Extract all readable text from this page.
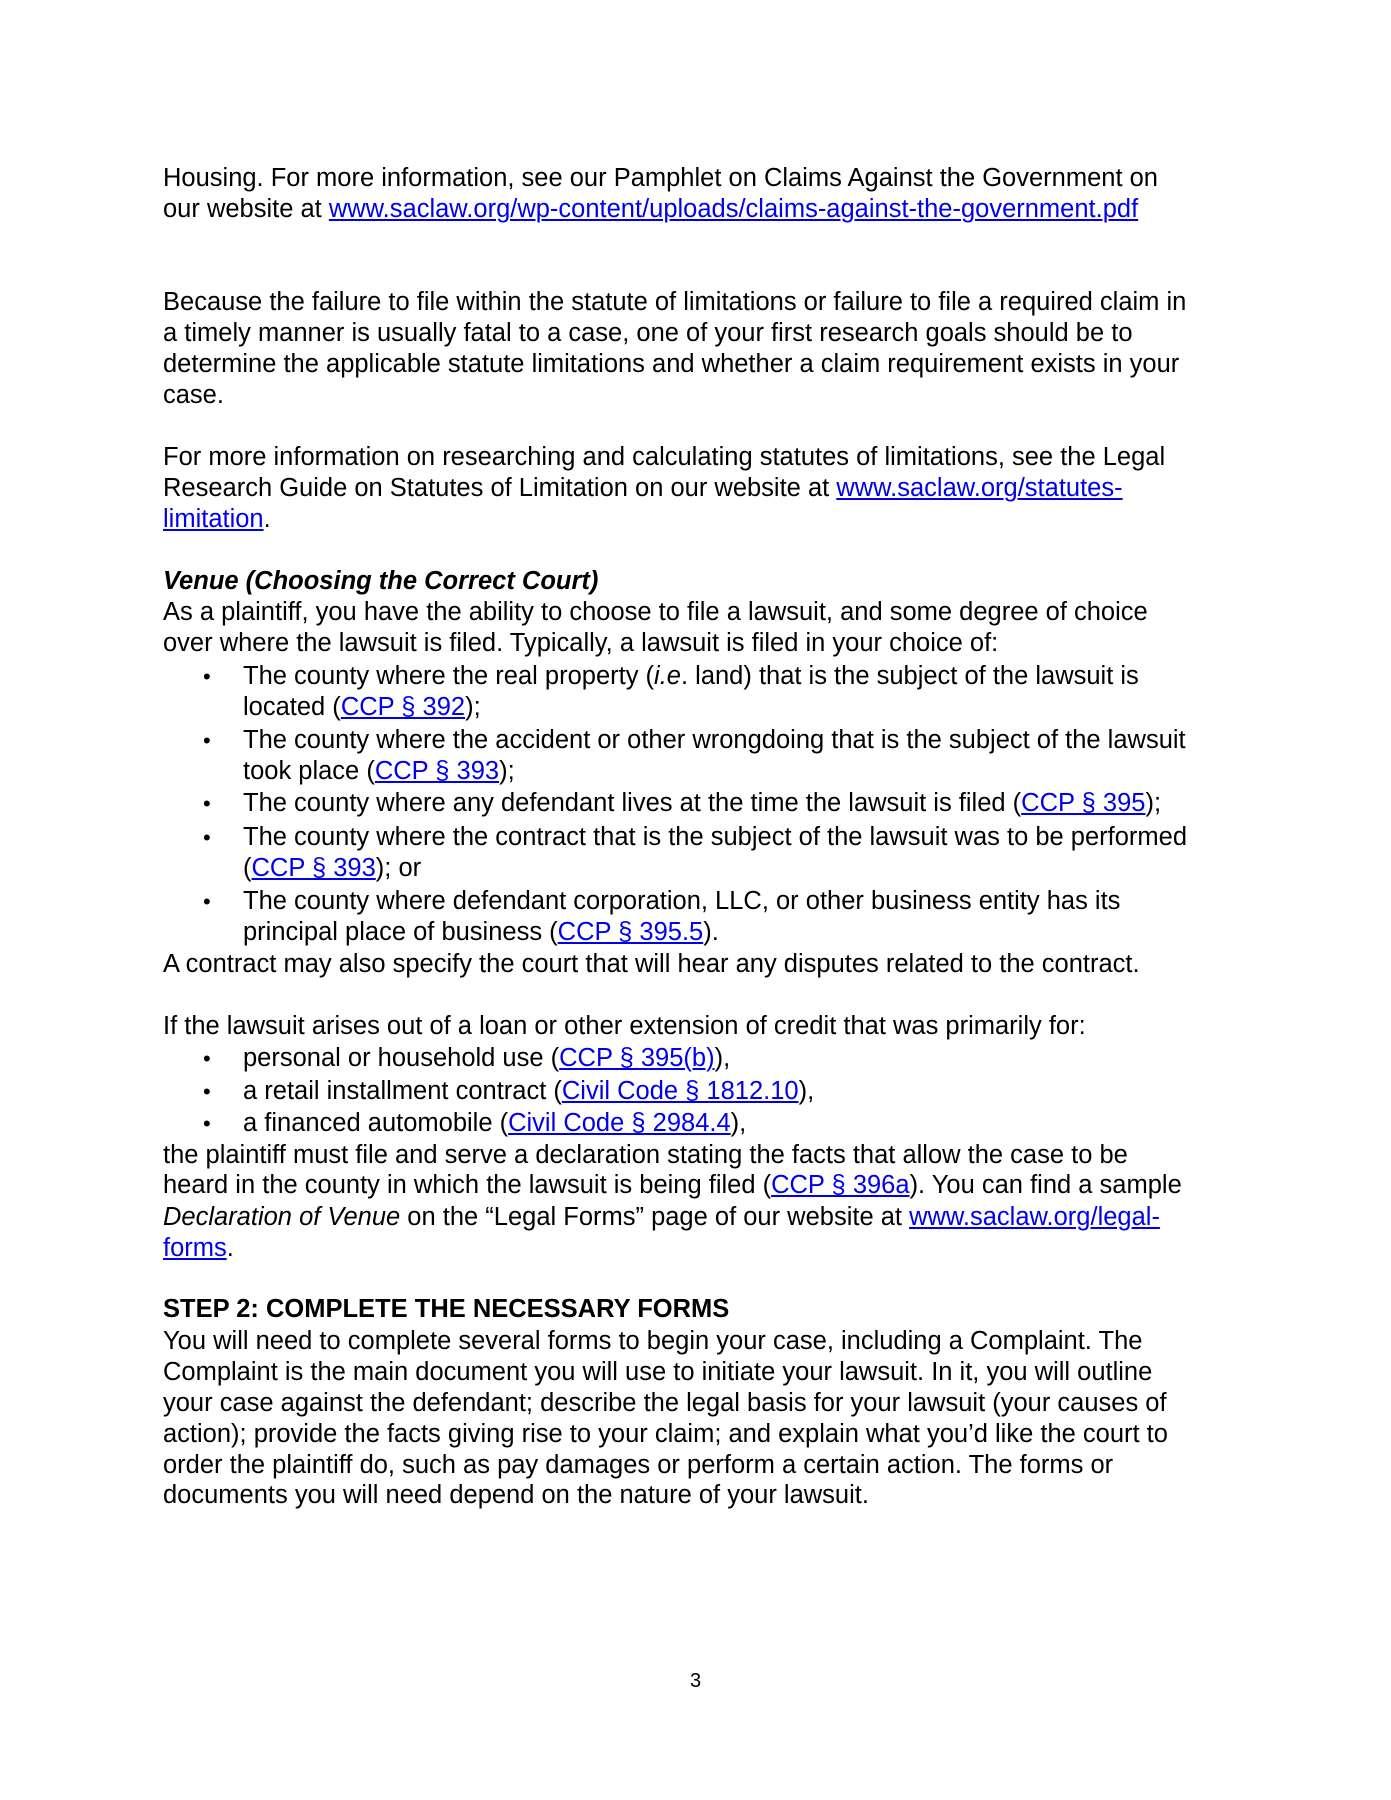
Housing. For more information, see our Pamphlet on Claims Against the Government on
our website at www.saclaw.org/wp-content/uploads/claims-against-the-government.pdf
Because the failure to file within the statute of limitations or failure to file a required claim in
a timely manner is usually fatal to a case, one of your first research goals should be to
determine the applicable statute limitations and whether a claim requirement exists in your
case.
For more information on researching and calculating statutes of limitations, see the Legal
Research Guide on Statutes of Limitation on our website at www.saclaw.org/statutes-
limitation.
Venue (Choosing the Correct Court)
As a plaintiff, you have the ability to choose to file a lawsuit, and some degree of choice
over where the lawsuit is filed. Typically, a lawsuit is filed in your choice of:
• The county where the real property (i.e. land) that is the subject of the lawsuit is
located (CCP § 392);
• The county where the accident or other wrongdoing that is the subject of the lawsuit
took place (CCP § 393);
• The county where any defendant lives at the time the lawsuit is filed (CCP § 395);
• The county where the contract that is the subject of the lawsuit was to be performed
(CCP § 393); or
• The county where defendant corporation, LLC, or other business entity has its
principal place of business (CCP § 395.5).
A contract may also specify the court that will hear any disputes related to the contract.
If the lawsuit arises out of a loan or other extension of credit that was primarily for:
• personal or household use (CCP § 395(b)),
• a retail installment contract (Civil Code § 1812.10),
• a financed automobile (Civil Code § 2984.4),
the plaintiff must file and serve a declaration stating the facts that allow the case to be
heard in the county in which the lawsuit is being filed (CCP § 396a). You can find a sample
Declaration of Venue on the “Legal Forms” page of our website at www.saclaw.org/legal-
forms.
STEP 2: COMPLETE THE NECESSARY FORMS
You will need to complete several forms to begin your case, including a Complaint. The
Complaint is the main document you will use to initiate your lawsuit. In it, you will outline
your case against the defendant; describe the legal basis for your lawsuit (your causes of
action); provide the facts giving rise to your claim; and explain what you’d like the court to
order the plaintiff do, such as pay damages or perform a certain action. The forms or
documents you will need depend on the nature of your lawsuit.
3
